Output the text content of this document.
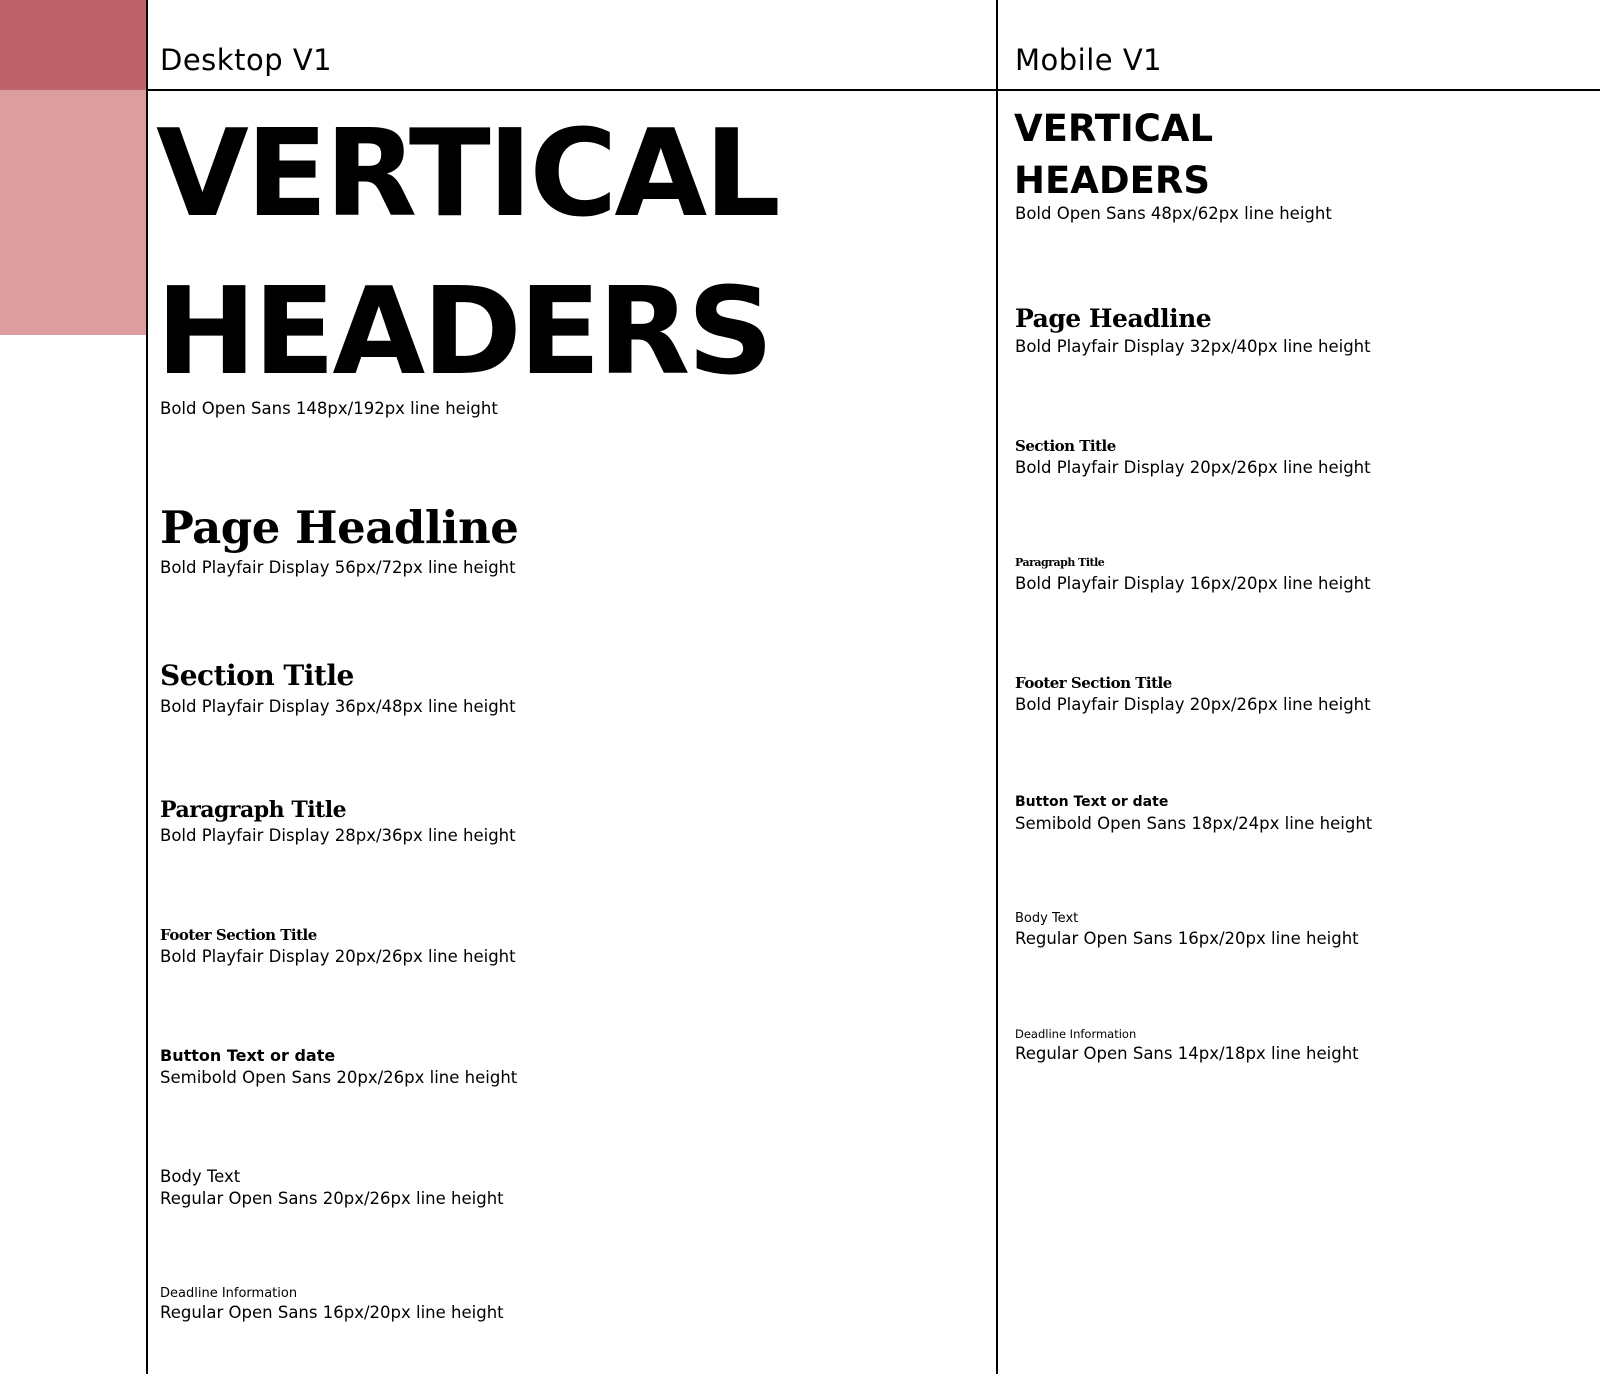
Desktop V1	Mobile V1
VERTICAL
HEADERS

Bold Open Sans 148px/192px line height

Page Headline

Bold Playfair Display 56px/72px line height

Section Title

Bold Playfair Display 36px/48px line height

Paragraph Title

Bold Playfair Display 28px/36px line height

Footer Section Title

Bold Playfair Display 20px/26px line height

Button Text or date

Semibold Open Sans 20px/26px line height

Body Text

Regular Open Sans 20px/26px line height

Deadline Information

Regular Open Sans 16px/20px line height

VERTICAL
HEADERS

Bold Open Sans 48px/62px line height

Page Headline

Bold Playfair Display 32px/40px line height

Section Title

Bold Playfair Display 20px/26px line height

Paragraph Title

Bold Playfair Display 16px/20px line height

Footer Section Title

Bold Playfair Display 20px/26px line height

Button Text or date

Semibold Open Sans 18px/24px line height

Body Text

Regular Open Sans 16px/20px line height

Deadline Information

Regular Open Sans 14px/18px line height
